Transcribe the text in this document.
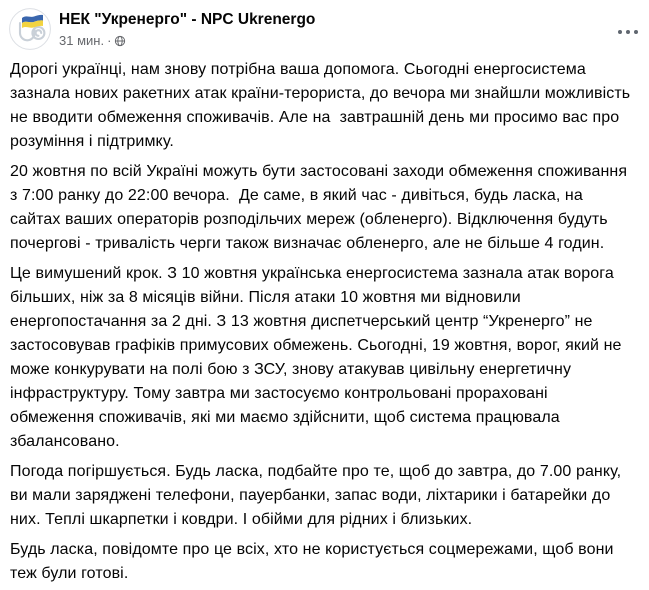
НЕК "Укренерго" - NPC Ukrenergo
31 мин. ·

Дорогі українці, нам знову потрібна ваша допомога. Сьогодні енергосистема зазнала нових ракетних атак країни-терориста, до вечора ми знайшли можливість не вводити обмеження споживачів. Але на  завтрашній день ми просимо вас про розуміння і підтримку.

20 жовтня по всій Україні можуть бути застосовані заходи обмеження споживання з 7:00 ранку до 22:00 вечора.  Де саме, в який час - дивіться, будь ласка, на сайтах ваших операторів розподільчих мереж (обленерго). Відключення будуть почергові - тривалість черги також визначає обленерго, але не більше 4 годин.

Це вимушений крок. З 10 жовтня українська енергосистема зазнала атак ворога більших, ніж за 8 місяців війни. Після атаки 10 жовтня ми відновили енергопостачання за 2 дні. З 13 жовтня диспетчерський центр “Укренерго” не застосовував графіків примусових обмежень. Сьогодні, 19 жовтня, ворог, який не може конкурувати на полі бою з ЗСУ, знову атакував цивільну енергетичну інфраструктуру. Тому завтра ми застосуємо контрольовані прораховані обмеження споживачів, які ми маємо здійснити, щоб система працювала збалансовано.

Погода погіршується. Будь ласка, подбайте про те, щоб до завтра, до 7.00 ранку, ви мали заряджені телефони, пауербанки, запас води, ліхтарики і батарейки до них. Теплі шкарпетки і ковдри. І обійми для рідних і близьких.

Будь ласка, повідомте про це всіх, хто не користується соцмережами, щоб вони теж були готові.
